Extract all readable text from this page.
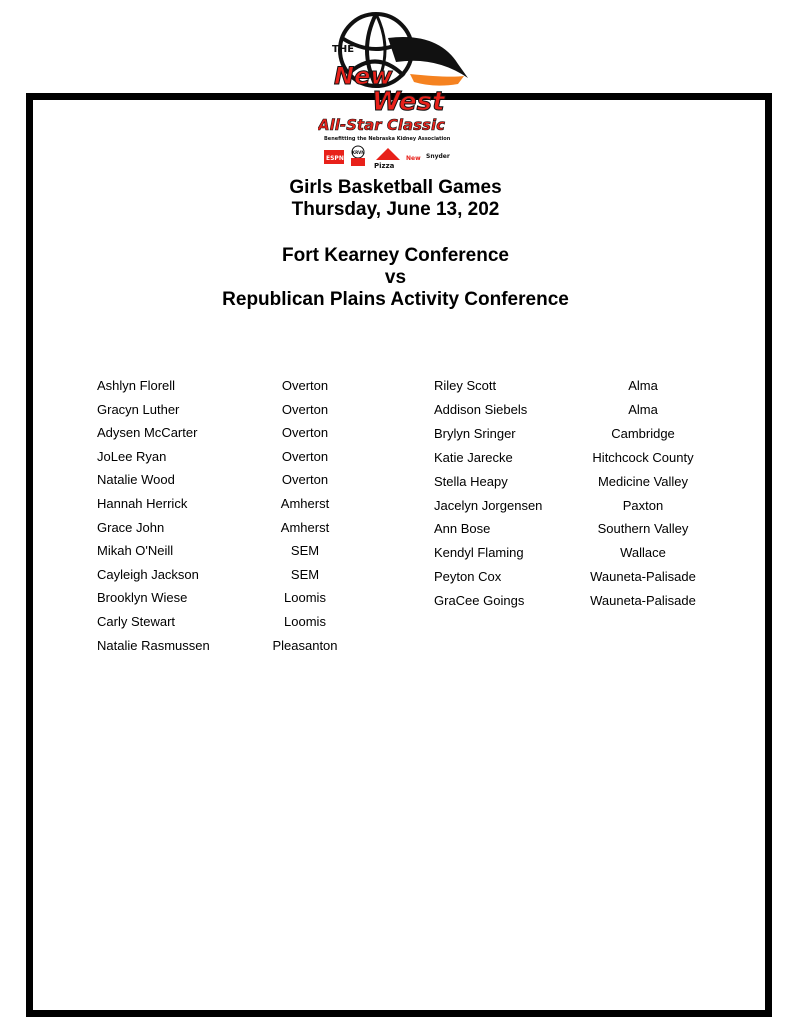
THE
New
West
All-Star Classic
Benefitting the Nebraska Kidney Association
ESPN
KRVN
Pizza
New Snyder
Girls Basketball Games
Thursday, June 13, 202
Fort Kearney Conference
vs
Republican Plains Activity Conference
Ashlyn Florell	Overton
Gracyn Luther	Overton
Adysen McCarter	Overton
JoLee Ryan	Overton
Natalie Wood	Overton
Hannah Herrick	Amherst
Grace John	Amherst
Mikah O'Neill	SEM
Cayleigh Jackson	SEM
Brooklyn Wiese	Loomis
Carly Stewart	Loomis
Natalie Rasmussen	Pleasanton
Riley Scott	Alma
Addison Siebels	Alma
Brylyn Sringer	Cambridge
Katie Jarecke	Hitchcock County
Stella Heapy	Medicine Valley
Jacelyn Jorgensen	Paxton
Ann Bose	Southern Valley
Kendyl Flaming	Wallace
Peyton Cox	Wauneta-Palisade
GraCee Goings	Wauneta-Palisade
